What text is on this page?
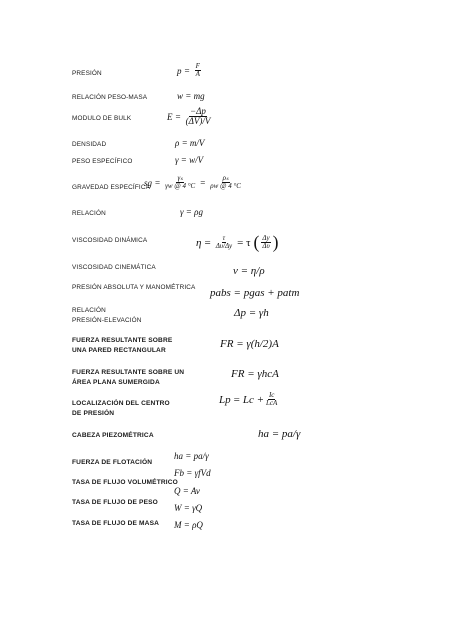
PRESIÓN
RELACIÓN PESO-MASA
MODULO DE BULK
DENSIDAD
PESO ESPECÍFICO
GRAVEDAD ESPECÍFICA
RELACIÓN
VISCOSIDAD DINÁMICA
VISCOSIDAD CINEMÁTICA
PRESIÓN ABSOLUTA Y MANOMÉTRICA
RELACIÓN
PRESIÓN-ELEVACIÓN
FUERZA RESULTANTE SOBRE
UNA PARED RECTANGULAR
FUERZA RESULTANTE SOBRE UN
ÁREA PLANA SUMERGIDA
LOCALIZACIÓN DEL CENTRO
DE PRESIÓN
CABEZA PIEZOMÉTRICA
FUERZA DE FLOTACIÓN
TASA DE FLUJO VOLUMÉTRICO
TASA DE FLUJO DE PESO
TASA DE FLUJO DE MASA
$p = \frac{F}{A}$
w = mg
$E = \frac{-\Delta p}{(\Delta V)/V}$
ρ = m/V
γ = w/V
sg = $\frac{\text{γₛ}}{\gamma w @ 4 ^\circ C} = \frac{\text{ρₛ}}{\rho w @ 4 ^\circ C}$
γ = ρg
$\eta = \frac{\tau}{\Delta\upsilon/\Delta y} = \tau$ ( $\frac{\Delta y}{\Delta\upsilon}$ )
ν = η/ρ
pabs = pgas + patm
Δp = γh
FR = γ(h/2)A
FR = γhcA
$Lp = Lc + \frac{Ic}{\text{LcA}}$
ha = pa/γ
ha = pa/γ
Fb = γfVd
Q = Av
W = γQ
M = ρQ
